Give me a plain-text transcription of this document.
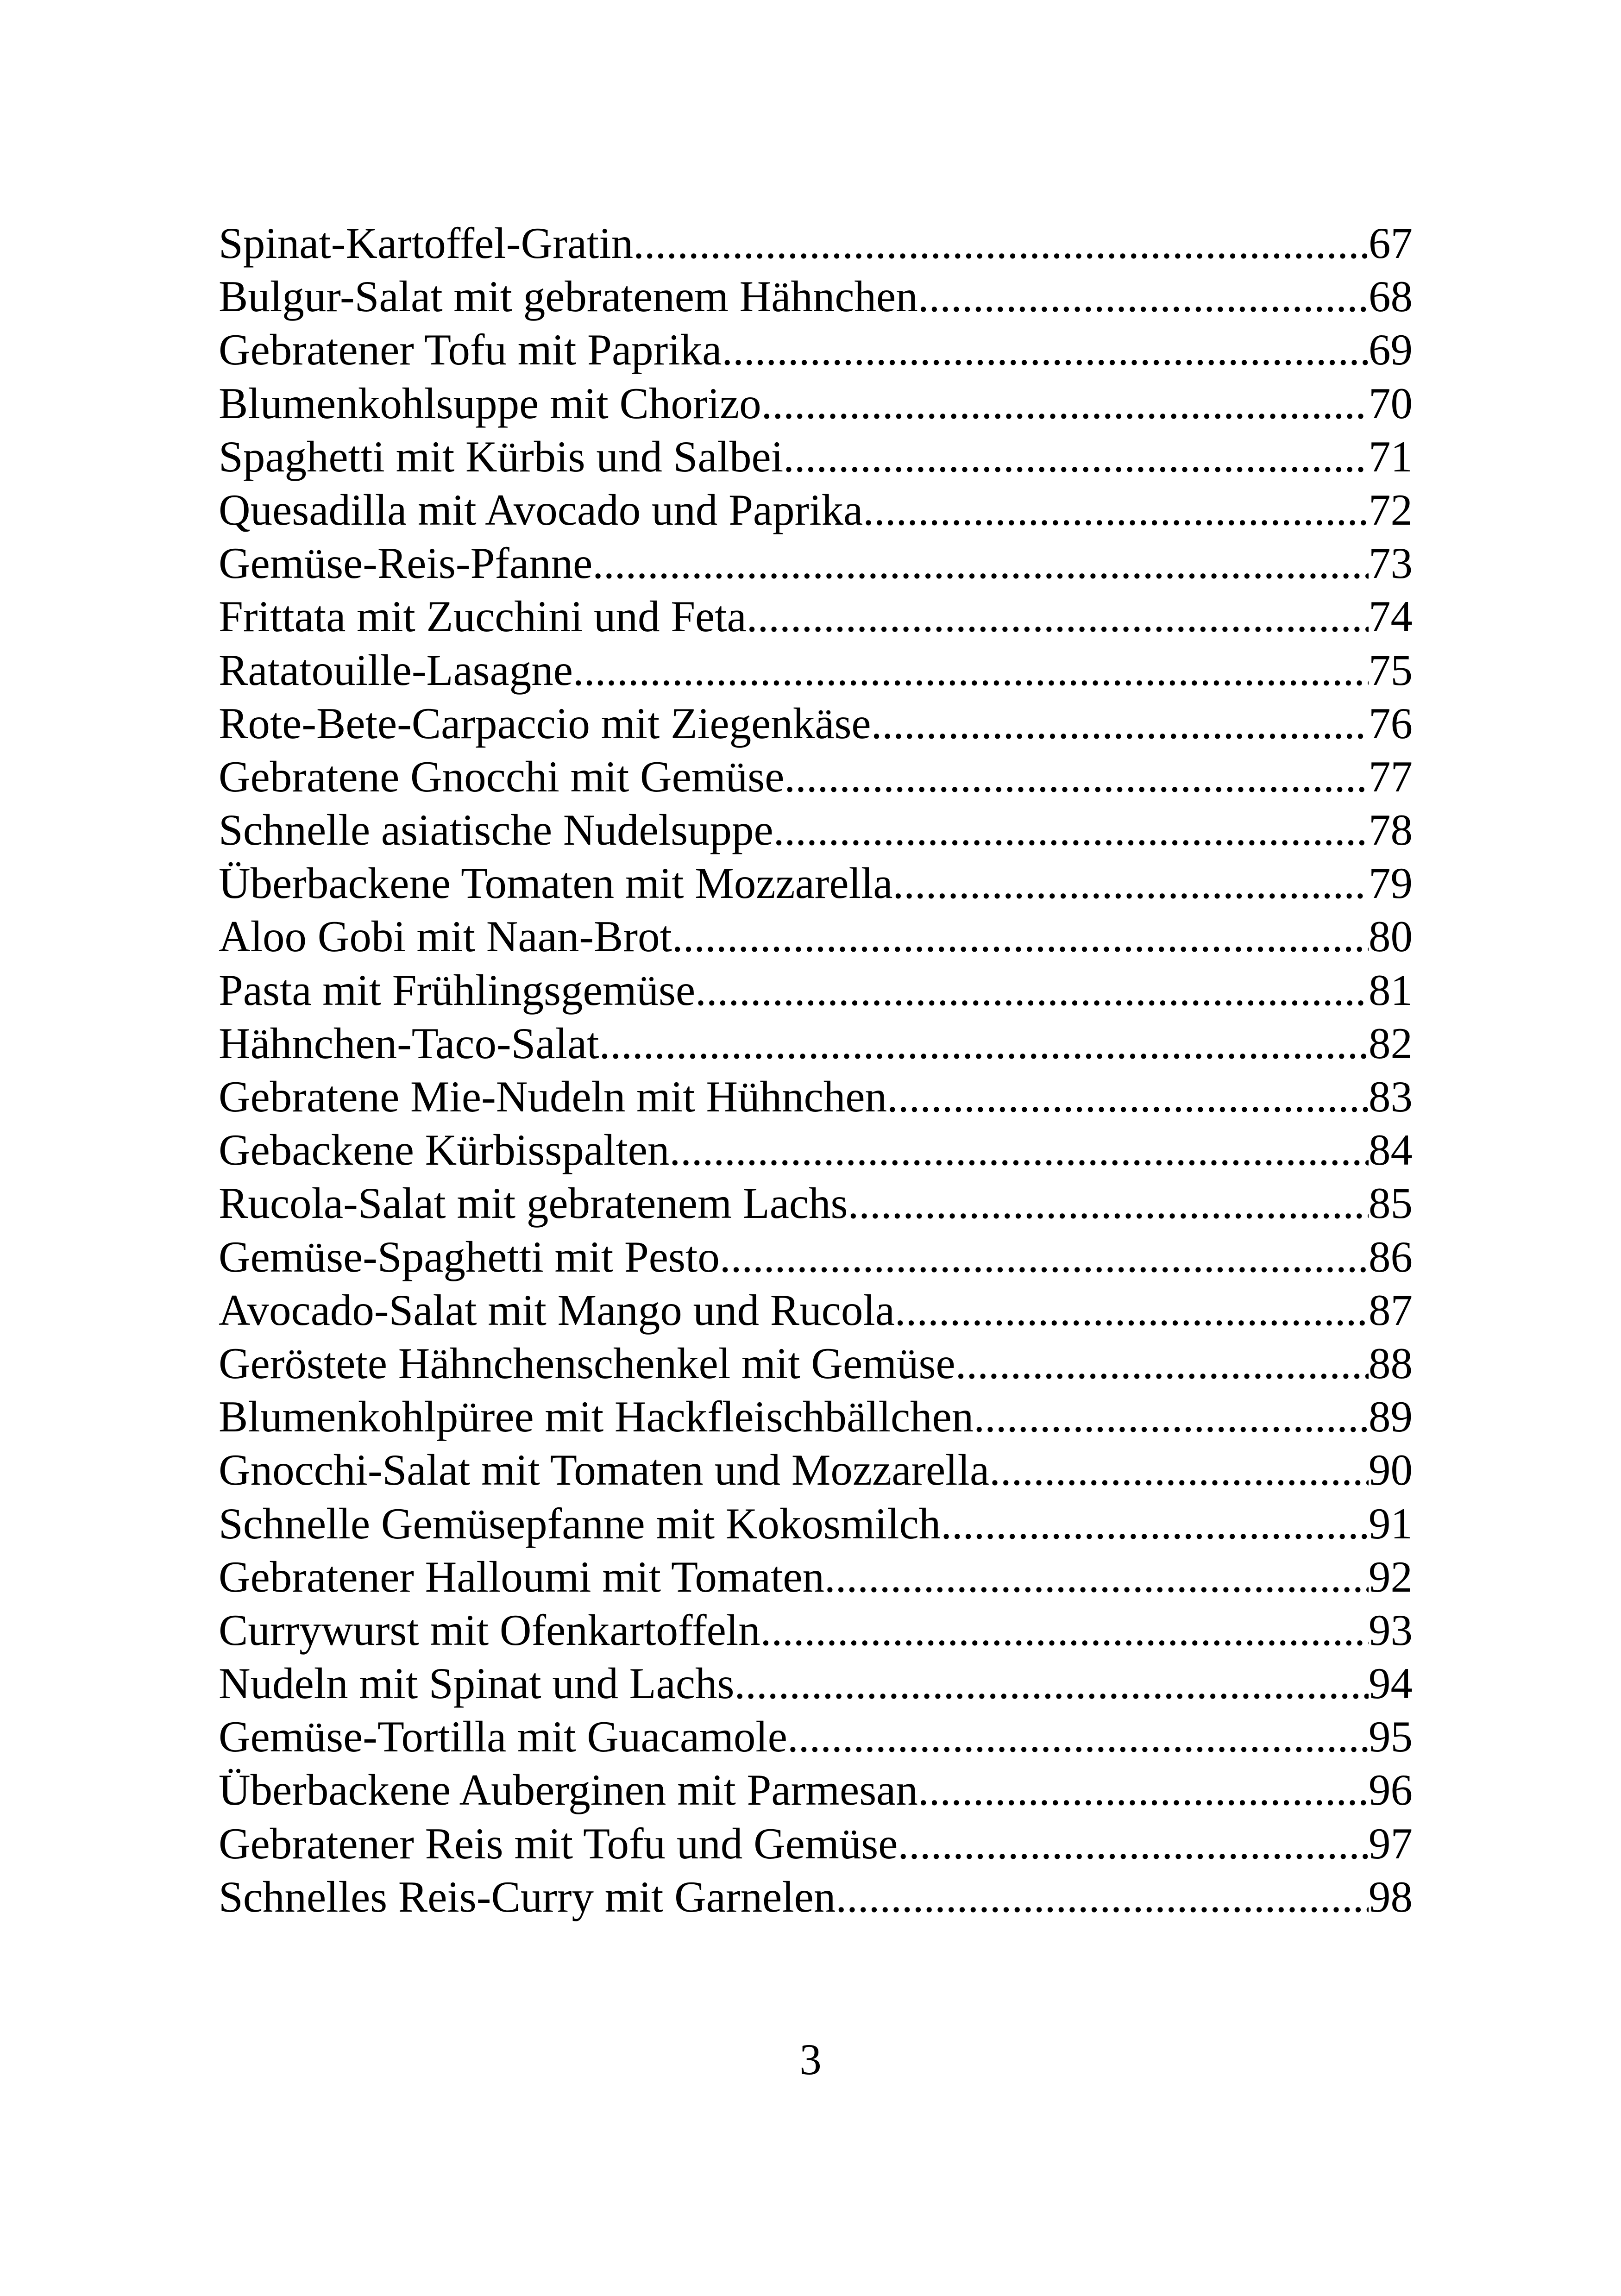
Spinat-Kartoffel-Gratin .....	67
Bulgur-Salat mit gebratenem Hähnchen .....	68
Gebratener Tofu mit Paprika .....	69
Blumenkohlsuppe mit Chorizo .....	70
Spaghetti mit Kürbis und Salbei .....	71
Quesadilla mit Avocado und Paprika .....	72
Gemüse-Reis-Pfanne .....	73
Frittata mit Zucchini und Feta .....	74
Ratatouille-Lasagne .....	75
Rote-Bete-Carpaccio mit Ziegenkäse .....	76
Gebratene Gnocchi mit Gemüse .....	77
Schnelle asiatische Nudelsuppe .....	78
Überbackene Tomaten mit Mozzarella .....	79
Aloo Gobi mit Naan-Brot .....	80
Pasta mit Frühlingsgemüse .....	81
Hähnchen-Taco-Salat .....	82
Gebratene Mie-Nudeln mit Hühnchen .....	83
Gebackene Kürbisspalten .....	84
Rucola-Salat mit gebratenem Lachs .....	85
Gemüse-Spaghetti mit Pesto .....	86
Avocado-Salat mit Mango und Rucola .....	87
Geröstete Hähnchenschenkel mit Gemüse .....	88
Blumenkohlpüree mit Hackfleischbällchen .....	89
Gnocchi-Salat mit Tomaten und Mozzarella .....	90
Schnelle Gemüsepfanne mit Kokosmilch .....	91
Gebratener Halloumi mit Tomaten .....	92
Currywurst mit Ofenkartoffeln .....	93
Nudeln mit Spinat und Lachs .....	94
Gemüse-Tortilla mit Guacamole .....	95
Überbackene Auberginen mit Parmesan .....	96
Gebratener Reis mit Tofu und Gemüse .....	97
Schnelles Reis-Curry mit Garnelen .....	98
3
